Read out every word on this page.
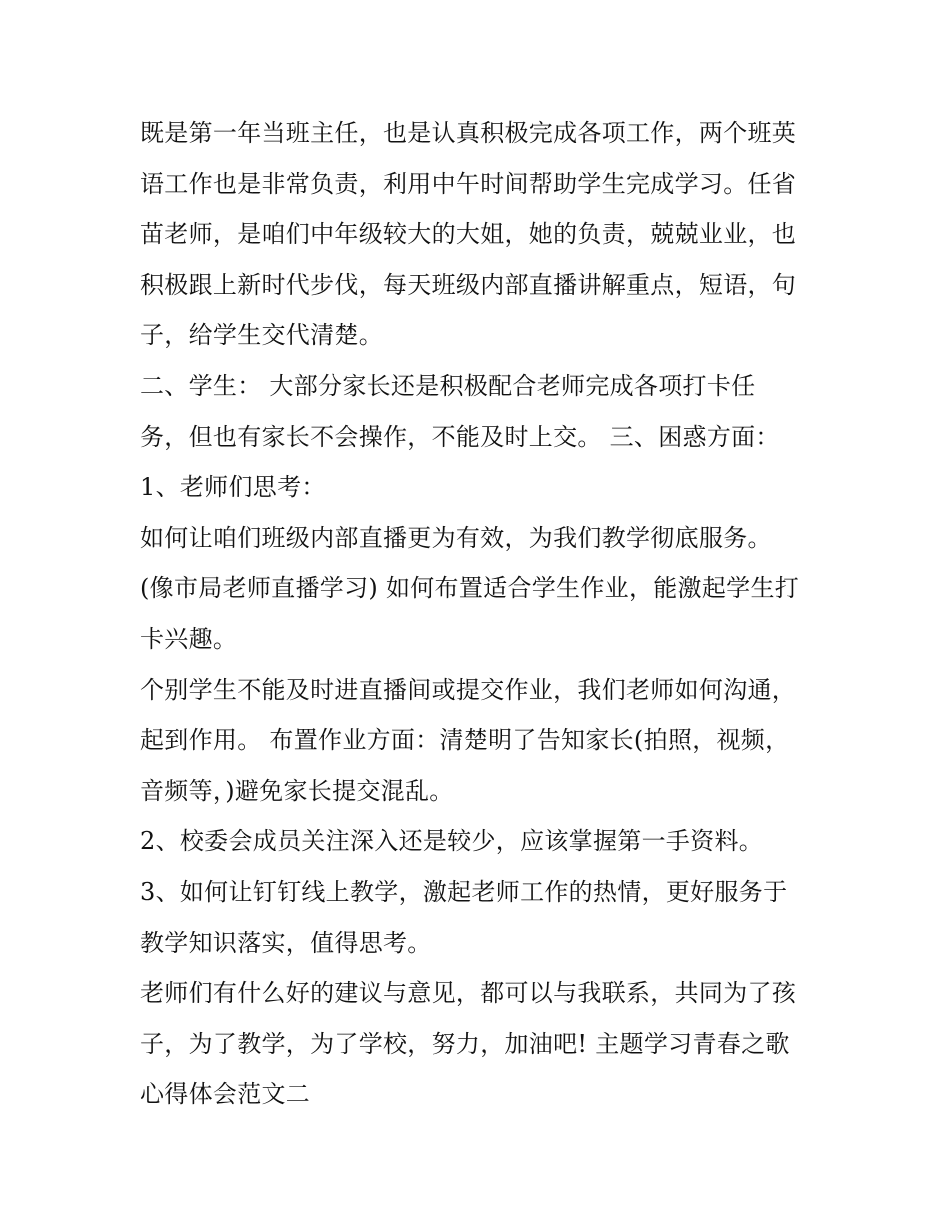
既是第一年当班主任，也是认真积极完成各项工作，两个班英
语工作也是非常负责，利用中午时间帮助学生完成学习。任省
苗老师，是咱们中年级较大的大姐，她的负责，兢兢业业，也
积极跟上新时代步伐，每天班级内部直播讲解重点，短语，句
子，给学生交代清楚。
二、学生： 大部分家长还是积极配合老师完成各项打卡任
务，但也有家长不会操作，不能及时上交。 三、困惑方面：
1、老师们思考：
如何让咱们班级内部直播更为有效，为我们教学彻底服务。
(像市局老师直播学习) 如何布置适合学生作业，能激起学生打
卡兴趣。
个别学生不能及时进直播间或提交作业，我们老师如何沟通，
起到作用。 布置作业方面：清楚明了告知家长(拍照，视频，
音频等，)避免家长提交混乱。
2、校委会成员关注深入还是较少，应该掌握第一手资料。
3、如何让钉钉线上教学，激起老师工作的热情，更好服务于
教学知识落实，值得思考。
老师们有什么好的建议与意见，都可以与我联系，共同为了孩
子，为了教学，为了学校，努力，加油吧! 主题学习青春之歌
心得体会范文二
